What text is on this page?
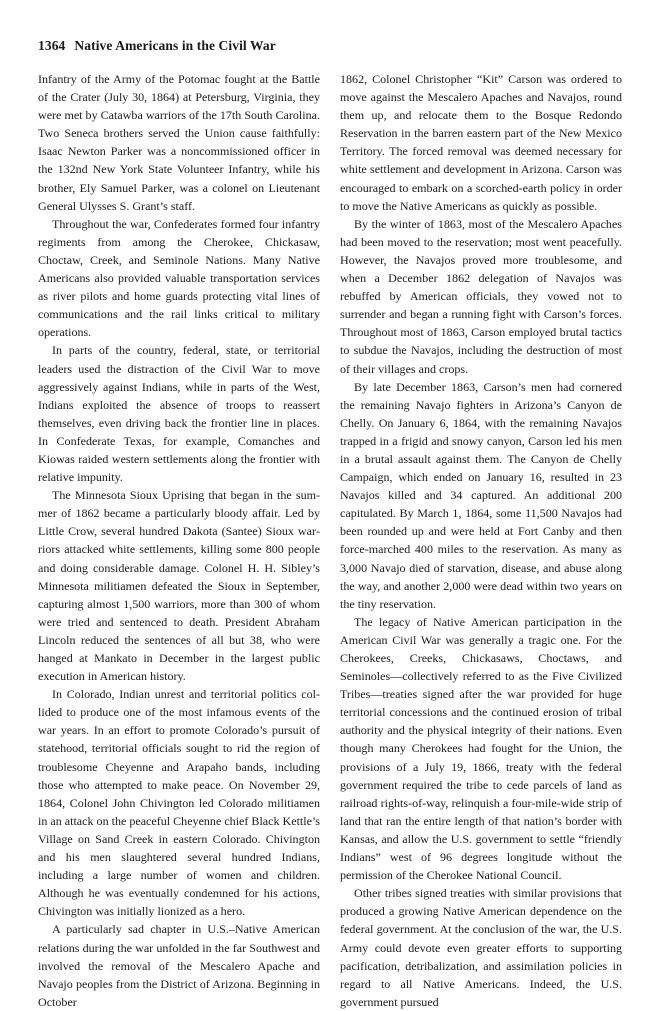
1364 Native Americans in the Civil War

Infantry of the Army of the Potomac fought at the Battle of the Crater (July 30, 1864) at Petersburg, Virginia, they were met by Catawba warriors of the 17th South Carolina. Two Seneca brothers served the Union cause faithfully: Isaac Newton Parker was a noncommissioned officer in the 132nd New York State Volunteer Infantry, while his brother, Ely Samuel Parker, was a colonel on Lieutenant General Ulysses S. Grant’s staff.

Throughout the war, Confederates formed four infantry regiments from among the Cherokee, Chickasaw, Choctaw, Creek, and Seminole Nations. Many Native Americans also provided valuable transportation services as river pilots and home guards protecting vital lines of communications and the rail links critical to military operations.

In parts of the country, federal, state, or territorial leaders used the distraction of the Civil War to move aggressively against Indians, while in parts of the West, Indians exploited the absence of troops to reassert themselves, even driving back the frontier line in places. In Confederate Texas, for example, Comanches and Kiowas raided western settlements along the frontier with relative impunity.

The Minnesota Sioux Uprising that began in the summer of 1862 became a particularly bloody affair. Led by Little Crow, several hundred Dakota (Santee) Sioux warriors attacked white settlements, killing some 800 people and doing considerable damage. Colonel H. H. Sibley’s Minnesota militiamen defeated the Sioux in September, capturing almost 1,500 warriors, more than 300 of whom were tried and sentenced to death. President Abraham Lincoln reduced the sentences of all but 38, who were hanged at Mankato in December in the largest public execution in American history.

In Colorado, Indian unrest and territorial politics collided to produce one of the most infamous events of the war years. In an effort to promote Colorado’s pursuit of statehood, territorial officials sought to rid the region of troublesome Cheyenne and Arapaho bands, including those who attempted to make peace. On November 29, 1864, Colonel John Chivington led Colorado militiamen in an attack on the peaceful Cheyenne chief Black Kettle’s Village on Sand Creek in eastern Colorado. Chivington and his men slaughtered several hundred Indians, including a large number of women and children. Although he was eventually condemned for his actions, Chivington was initially lionized as a hero.

A particularly sad chapter in U.S.–Native American relations during the war unfolded in the far Southwest and involved the removal of the Mescalero Apache and Navajo peoples from the District of Arizona. Beginning in October

1862, Colonel Christopher “Kit” Carson was ordered to move against the Mescalero Apaches and Navajos, round them up, and relocate them to the Bosque Redondo Reservation in the barren eastern part of the New Mexico Territory. The forced removal was deemed necessary for white settlement and development in Arizona. Carson was encouraged to embark on a scorched-earth policy in order to move the Native Americans as quickly as possible.

By the winter of 1863, most of the Mescalero Apaches had been moved to the reservation; most went peacefully. However, the Navajos proved more troublesome, and when a December 1862 delegation of Navajos was rebuffed by American officials, they vowed not to surrender and began a running fight with Carson’s forces. Throughout most of 1863, Carson employed brutal tactics to subdue the Navajos, including the destruction of most of their villages and crops.

By late December 1863, Carson’s men had cornered the remaining Navajo fighters in Arizona’s Canyon de Chelly. On January 6, 1864, with the remaining Navajos trapped in a frigid and snowy canyon, Carson led his men in a brutal assault against them. The Canyon de Chelly Campaign, which ended on January 16, resulted in 23 Navajos killed and 34 captured. An additional 200 capitulated. By March 1, 1864, some 11,500 Navajos had been rounded up and were held at Fort Canby and then force-marched 400 miles to the reservation. As many as 3,000 Navajo died of starvation, disease, and abuse along the way, and another 2,000 were dead within two years on the tiny reservation.

The legacy of Native American participation in the American Civil War was generally a tragic one. For the Cherokees, Creeks, Chickasaws, Choctaws, and Seminoles—collectively referred to as the Five Civilized Tribes—treaties signed after the war provided for huge territorial concessions and the continued erosion of tribal authority and the physical integrity of their nations. Even though many Cherokees had fought for the Union, the provisions of a July 19, 1866, treaty with the federal government required the tribe to cede parcels of land as railroad rights-of-way, relinquish a four-mile-wide strip of land that ran the entire length of that nation’s border with Kansas, and allow the U.S. government to settle “friendly Indians” west of 96 degrees longitude without the permission of the Cherokee National Council.

Other tribes signed treaties with similar provisions that produced a growing Native American dependence on the federal government. At the conclusion of the war, the U.S. Army could devote even greater efforts to supporting pacification, detribalization, and assimilation policies in regard to all Native Americans. Indeed, the U.S. government pursued
